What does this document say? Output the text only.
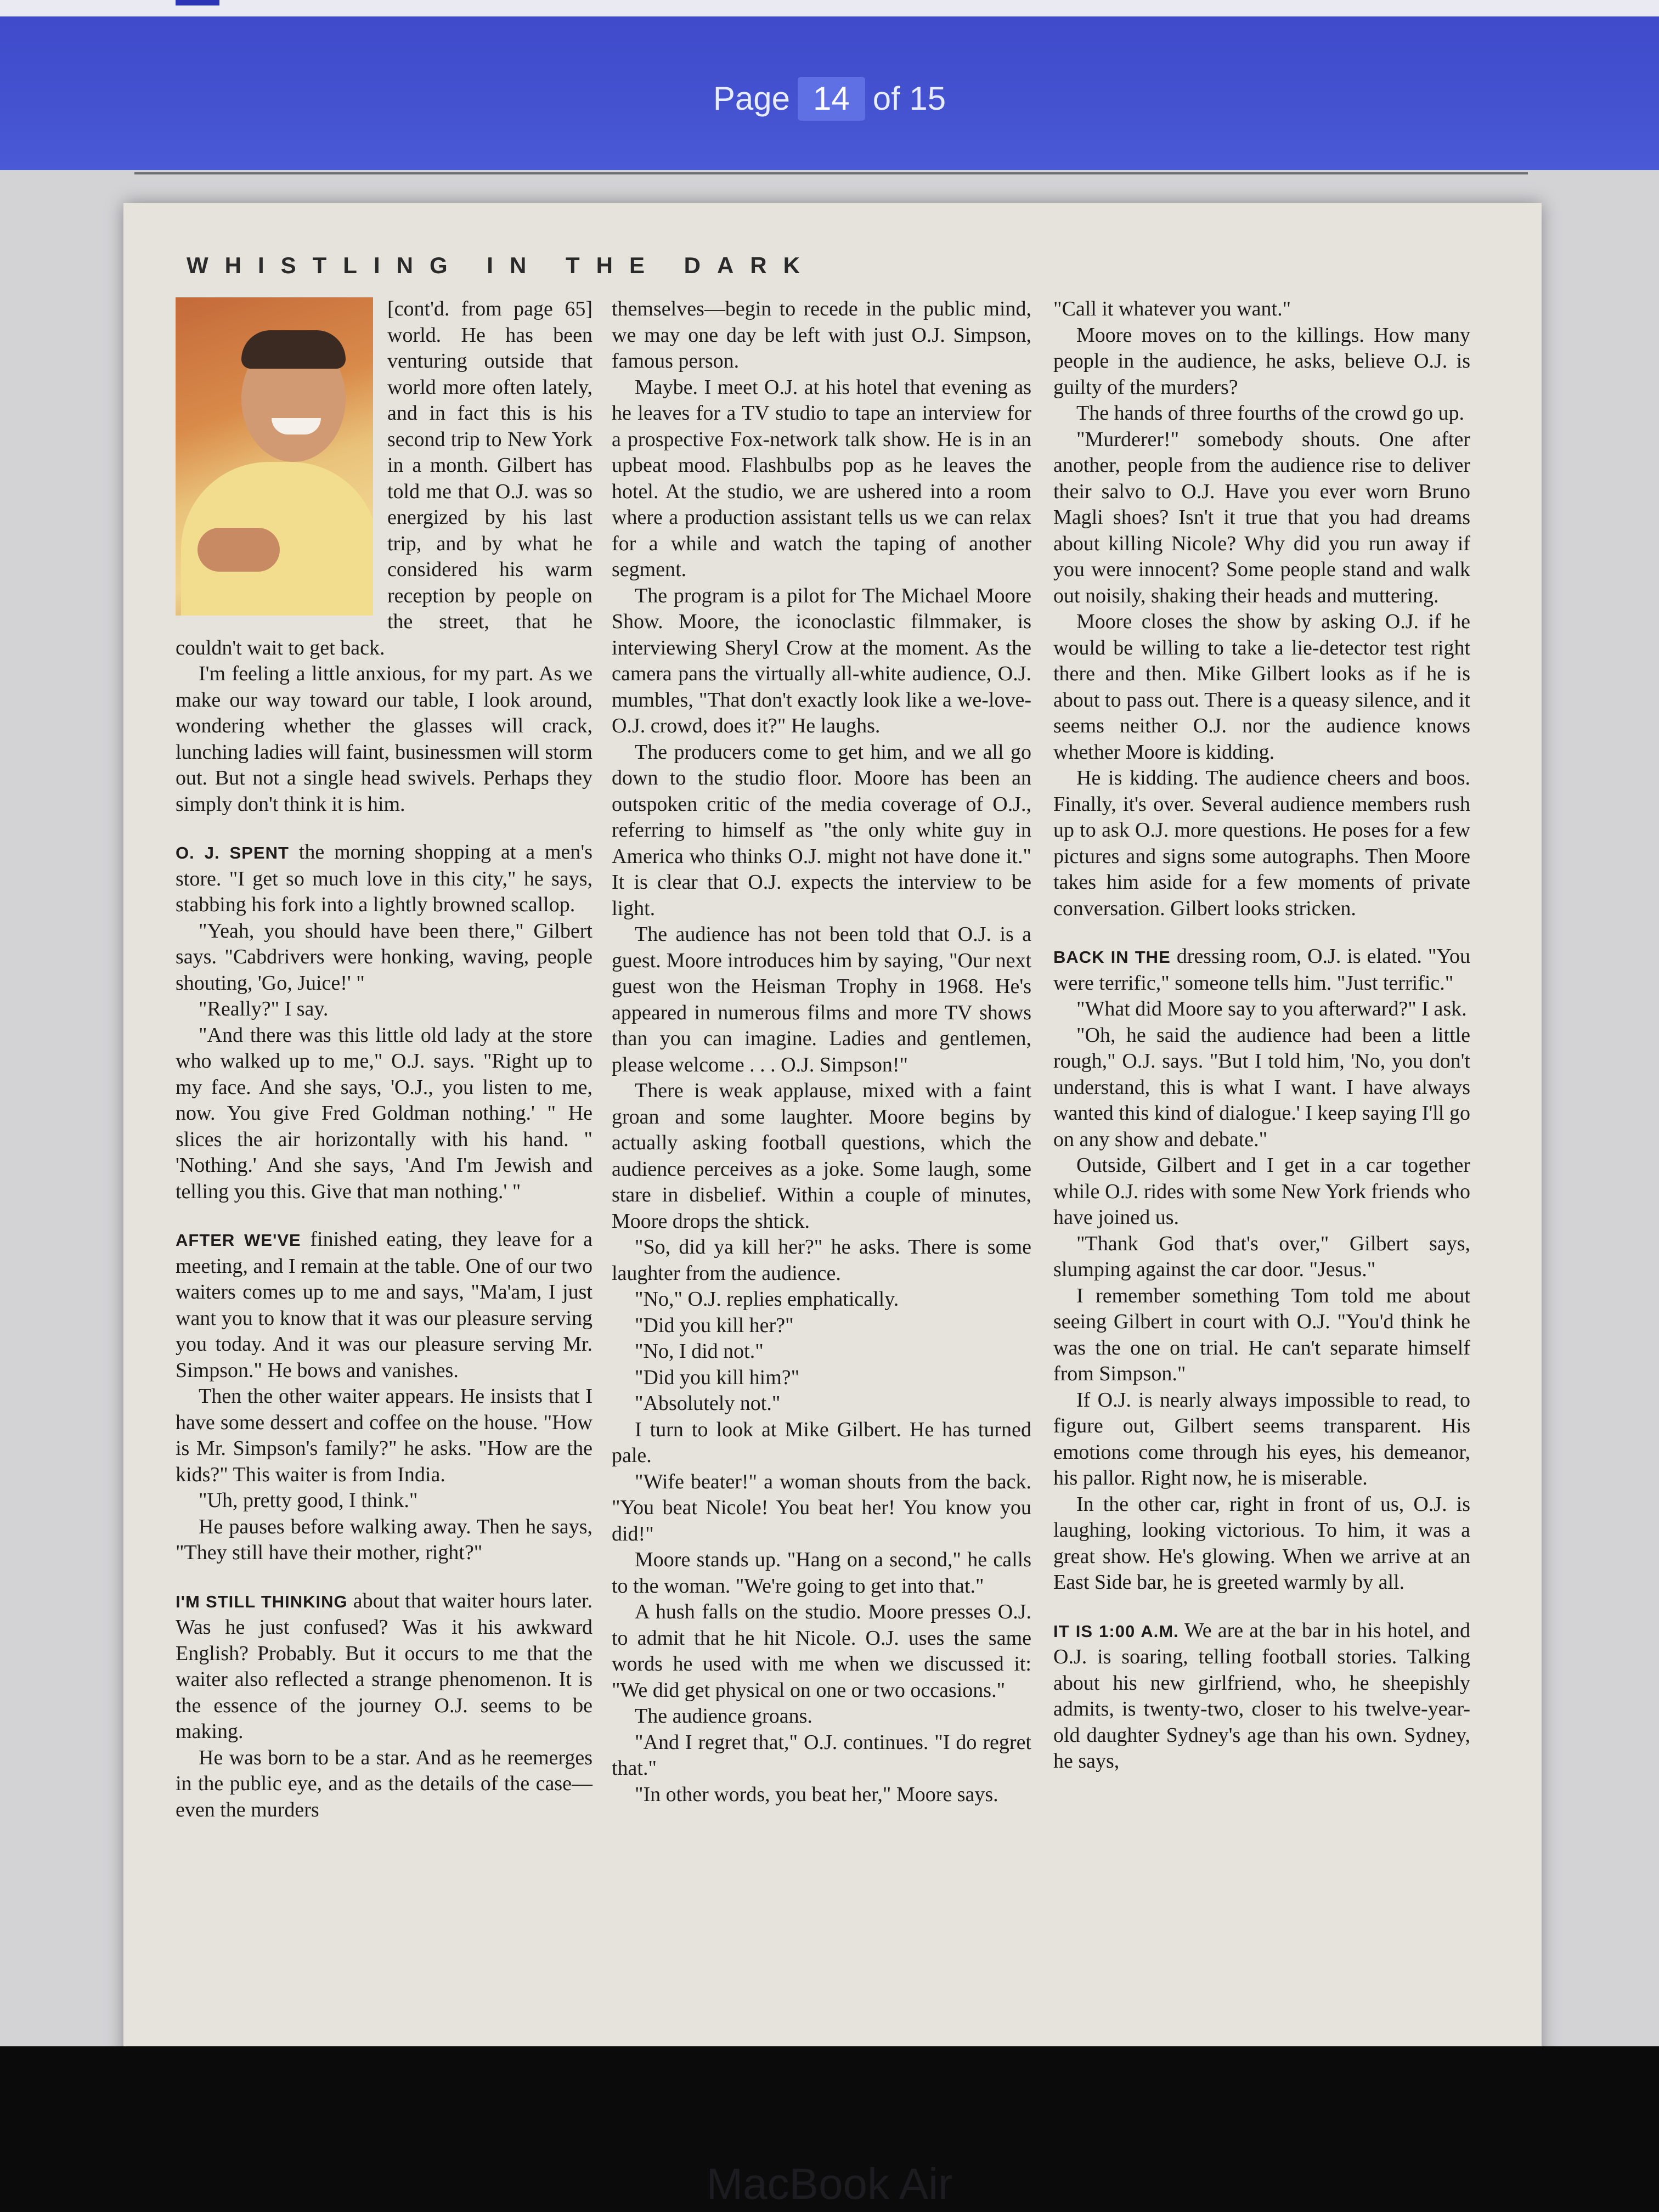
Page 14 of 15
WHISTLING IN THE DARK

[cont'd. from page 65] world. He has been venturing outside that world more often lately, and in fact this is his second trip to New York in a month. Gilbert has told me that O.J. was so energized by his last trip, and by what he considered his warm reception by people on the street, that he couldn't wait to get back.

I'm feeling a little anxious, for my part. As we make our way toward our table, I look around, wondering whether the glasses will crack, lunching ladies will faint, businessmen will storm out. But not a single head swivels. Perhaps they simply don't think it is him.

O. J. SPENT the morning shopping at a men's store. "I get so much love in this city," he says, stabbing his fork into a lightly browned scallop.

"Yeah, you should have been there," Gilbert says. "Cabdrivers were honking, waving, people shouting, 'Go, Juice!' "

"Really?" I say.

"And there was this little old lady at the store who walked up to me," O.J. says. "Right up to my face. And she says, 'O.J., you listen to me, now. You give Fred Goldman nothing.' " He slices the air horizontally with his hand. " 'Nothing.' And she says, 'And I'm Jewish and telling you this. Give that man nothing.' "

AFTER WE'VE finished eating, they leave for a meeting, and I remain at the table. One of our two waiters comes up to me and says, "Ma'am, I just want you to know that it was our pleasure serving you today. And it was our pleasure serving Mr. Simpson." He bows and vanishes.

Then the other waiter appears. He insists that I have some dessert and coffee on the house. "How is Mr. Simpson's family?" he asks. "How are the kids?" This waiter is from India.

"Uh, pretty good, I think."

He pauses before walking away. Then he says, "They still have their mother, right?"

I'M STILL THINKING about that waiter hours later. Was he just confused? Was it his awkward English? Probably. But it occurs to me that the waiter also reflected a strange phenomenon. It is the essence of the journey O.J. seems to be making.

He was born to be a star. And as he reemerges in the public eye, and as the details of the case—even the murders

themselves—begin to recede in the public mind, we may one day be left with just O.J. Simpson, famous person.

Maybe. I meet O.J. at his hotel that evening as he leaves for a TV studio to tape an interview for a prospective Fox-network talk show. He is in an upbeat mood. Flashbulbs pop as he leaves the hotel. At the studio, we are ushered into a room where a production assistant tells us we can relax for a while and watch the taping of another segment.

The program is a pilot for The Michael Moore Show. Moore, the iconoclastic filmmaker, is interviewing Sheryl Crow at the moment. As the camera pans the virtually all-white audience, O.J. mumbles, "That don't exactly look like a we-love-O.J. crowd, does it?" He laughs.

The producers come to get him, and we all go down to the studio floor. Moore has been an outspoken critic of the media coverage of O.J., referring to himself as "the only white guy in America who thinks O.J. might not have done it." It is clear that O.J. expects the interview to be light.

The audience has not been told that O.J. is a guest. Moore introduces him by saying, "Our next guest won the Heisman Trophy in 1968. He's appeared in numerous films and more TV shows than you can imagine. Ladies and gentlemen, please welcome . . . O.J. Simpson!"

There is weak applause, mixed with a faint groan and some laughter. Moore begins by actually asking football questions, which the audience perceives as a joke. Some laugh, some stare in disbelief. Within a couple of minutes, Moore drops the shtick.

"So, did ya kill her?" he asks. There is some laughter from the audience.

"No," O.J. replies emphatically.

"Did you kill her?"

"No, I did not."

"Did you kill him?"

"Absolutely not."

I turn to look at Mike Gilbert. He has turned pale.

"Wife beater!" a woman shouts from the back. "You beat Nicole! You beat her! You know you did!"

Moore stands up. "Hang on a second," he calls to the woman. "We're going to get into that."

A hush falls on the studio. Moore presses O.J. to admit that he hit Nicole. O.J. uses the same words he used with me when we discussed it: "We did get physical on one or two occasions."

The audience groans.

"And I regret that," O.J. continues. "I do regret that."

"In other words, you beat her," Moore says.

"Call it whatever you want."

Moore moves on to the killings. How many people in the audience, he asks, believe O.J. is guilty of the murders?

The hands of three fourths of the crowd go up.

"Murderer!" somebody shouts. One after another, people from the audience rise to deliver their salvo to O.J. Have you ever worn Bruno Magli shoes? Isn't it true that you had dreams about killing Nicole? Why did you run away if you were innocent? Some people stand and walk out noisily, shaking their heads and muttering.

Moore closes the show by asking O.J. if he would be willing to take a lie-detector test right there and then. Mike Gilbert looks as if he is about to pass out. There is a queasy silence, and it seems neither O.J. nor the audience knows whether Moore is kidding.

He is kidding. The audience cheers and boos. Finally, it's over. Several audience members rush up to ask O.J. more questions. He poses for a few pictures and signs some autographs. Then Moore takes him aside for a few moments of private conversation. Gilbert looks stricken.

BACK IN THE dressing room, O.J. is elated. "You were terrific," someone tells him. "Just terrific."

"What did Moore say to you afterward?" I ask.

"Oh, he said the audience had been a little rough," O.J. says. "But I told him, 'No, you don't understand, this is what I want. I have always wanted this kind of dialogue.' I keep saying I'll go on any show and debate."

Outside, Gilbert and I get in a car together while O.J. rides with some New York friends who have joined us.

"Thank God that's over," Gilbert says, slumping against the car door. "Jesus."

I remember something Tom told me about seeing Gilbert in court with O.J. "You'd think he was the one on trial. He can't separate himself from Simpson."

If O.J. is nearly always impossible to read, to figure out, Gilbert seems transparent. His emotions come through his eyes, his demeanor, his pallor. Right now, he is miserable.

In the other car, right in front of us, O.J. is laughing, looking victorious. To him, it was a great show. He's glowing. When we arrive at an East Side bar, he is greeted warmly by all.

IT IS 1:00 A.M. We are at the bar in his hotel, and O.J. is soaring, telling football stories. Talking about his new girlfriend, who, he sheepishly admits, is twenty-two, closer to his twelve-year-old daughter Sydney's age than his own. Sydney, he says,

MacBook Air
